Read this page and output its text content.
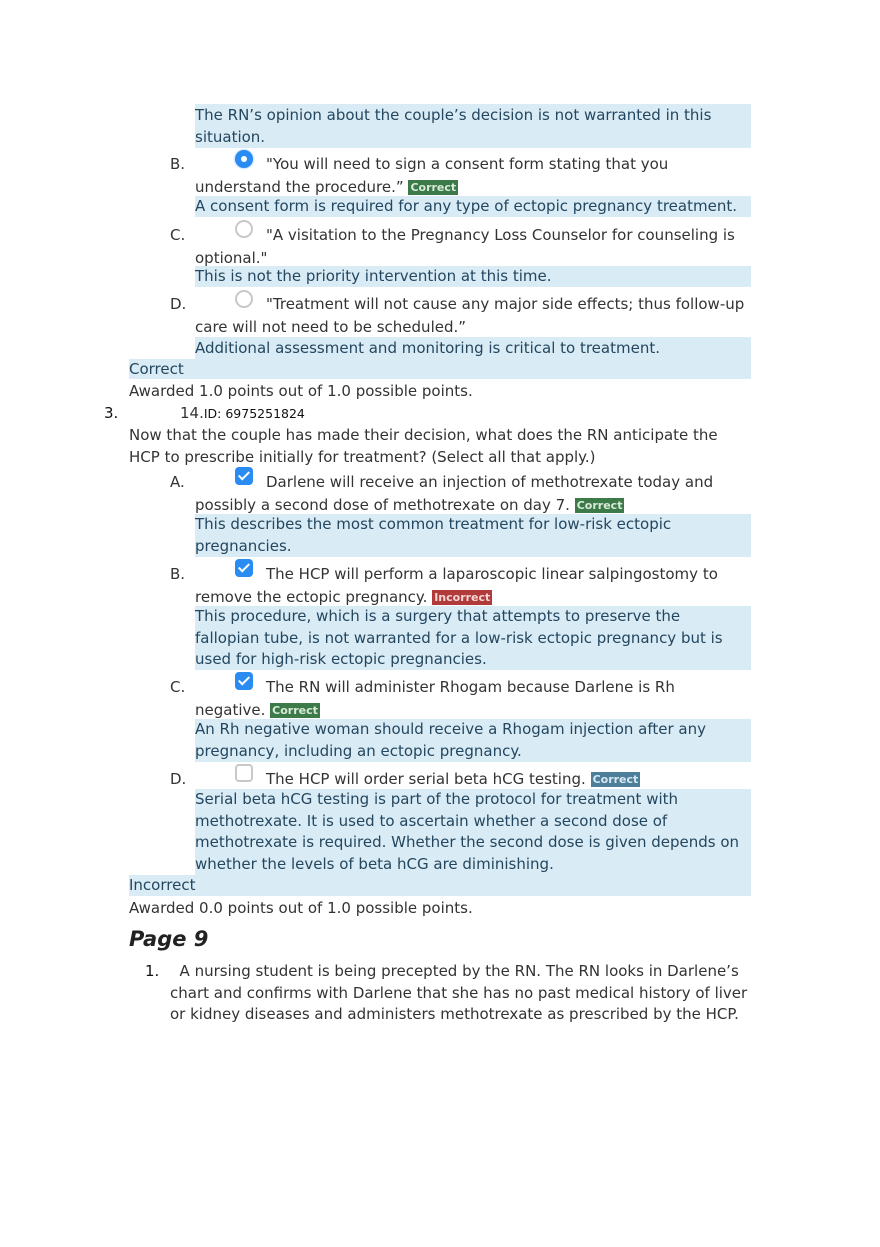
The RN’s opinion about the couple’s decision is not warranted in this
situation.
B.	"You will need to sign a consent form stating that you
understand the procedure.” Correct
A consent form is required for any type of ectopic pregnancy treatment.
C.	"A visitation to the Pregnancy Loss Counselor for counseling is
optional."
This is not the priority intervention at this time.
D.	"Treatment will not cause any major side effects; thus follow-up
care will not need to be scheduled.”
Additional assessment and monitoring is critical to treatment.
Correct
Awarded 1.0 points out of 1.0 possible points.
3.	14.ID: 6975251824
Now that the couple has made their decision, what does the RN anticipate the
HCP to prescribe initially for treatment? (Select all that apply.)
A.	Darlene will receive an injection of methotrexate today and
possibly a second dose of methotrexate on day 7. Correct
This describes the most common treatment for low-risk ectopic
pregnancies.
B.	The HCP will perform a laparoscopic linear salpingostomy to
remove the ectopic pregnancy. Incorrect
This procedure, which is a surgery that attempts to preserve the
fallopian tube, is not warranted for a low-risk ectopic pregnancy but is
used for high-risk ectopic pregnancies.
C.	The RN will administer Rhogam because Darlene is Rh
negative. Correct
An Rh negative woman should receive a Rhogam injection after any
pregnancy, including an ectopic pregnancy.
D.	The HCP will order serial beta hCG testing. Correct
Serial beta hCG testing is part of the protocol for treatment with
methotrexate. It is used to ascertain whether a second dose of
methotrexate is required. Whether the second dose is given depends on
whether the levels of beta hCG are diminishing.
Incorrect
Awarded 0.0 points out of 1.0 possible points.
Page 9
1.	A nursing student is being precepted by the RN. The RN looks in Darlene’s
chart and confirms with Darlene that she has no past medical history of liver
or kidney diseases and administers methotrexate as prescribed by the HCP.
